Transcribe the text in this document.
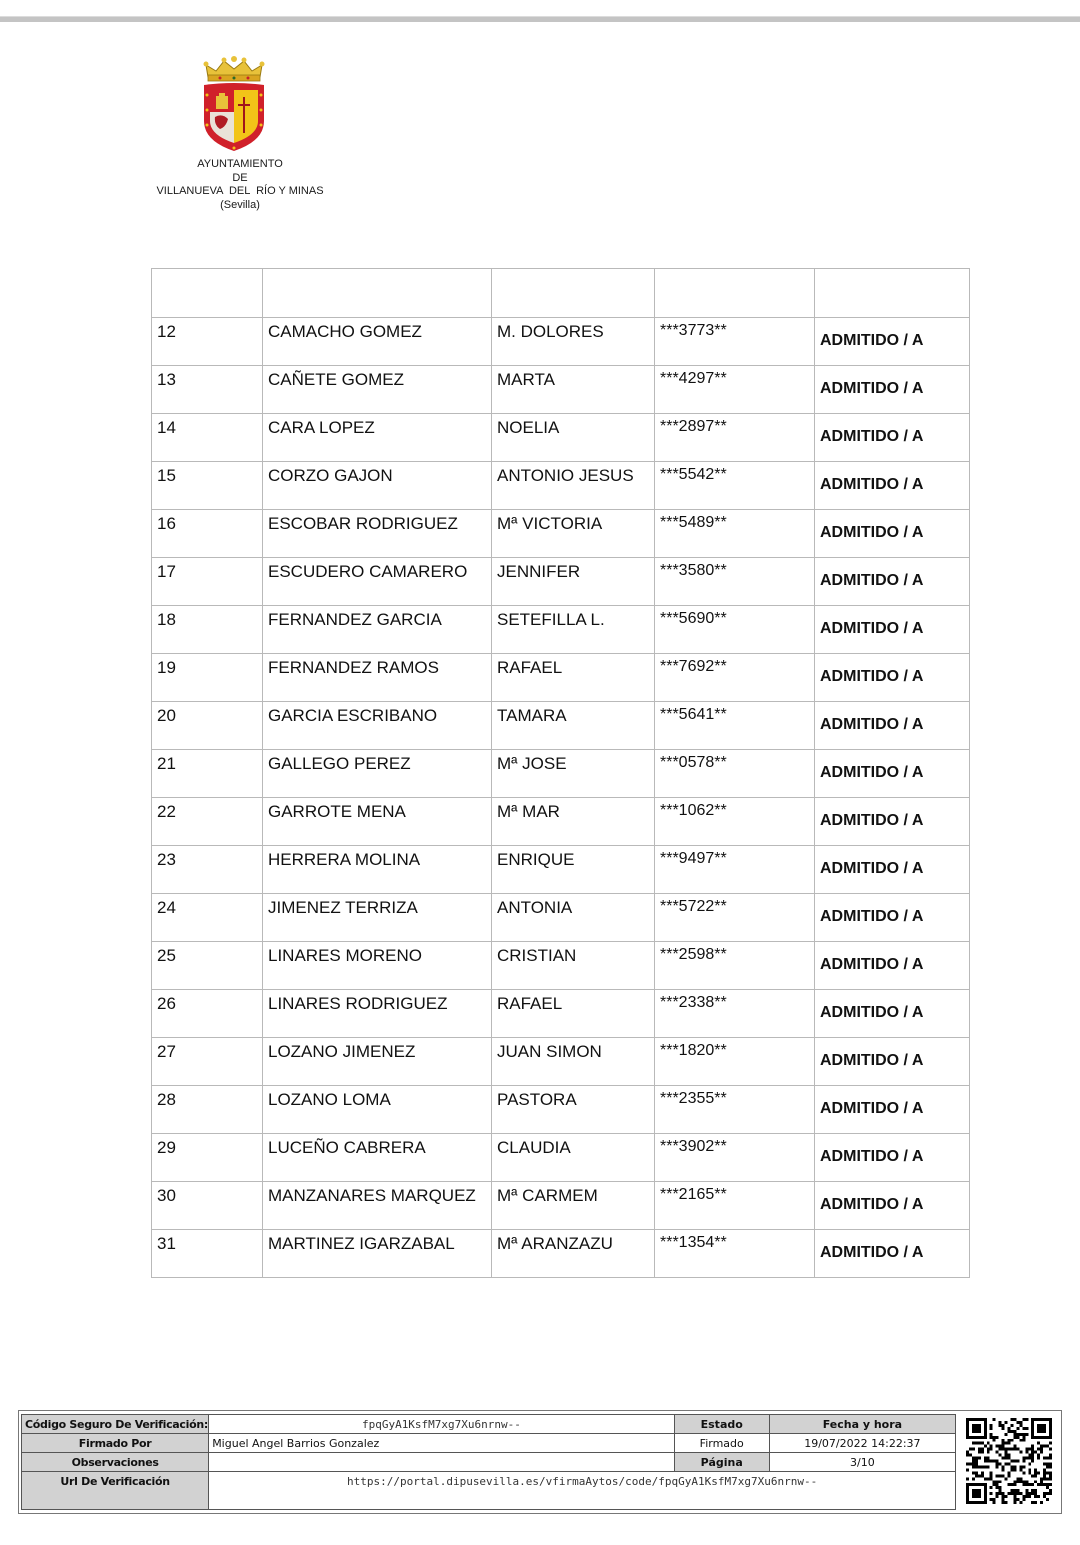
AYUNTAMIENTO
DE
VILLANUEVA  DEL  RÍO Y MINAS
(Sevilla)

12	CAMACHO GOMEZ	M. DOLORES	***3773**	ADMITIDO / A

13	CAÑETE GOMEZ	MARTA	***4297**	ADMITIDO / A

14	CARA LOPEZ	NOELIA	***2897**	ADMITIDO / A

15	CORZO GAJON	ANTONIO JESUS	***5542**	ADMITIDO / A

16	ESCOBAR RODRIGUEZ	Mª VICTORIA	***5489**	ADMITIDO / A

17	ESCUDERO CAMARERO	JENNIFER	***3580**	ADMITIDO / A

18	FERNANDEZ GARCIA	SETEFILLA L.	***5690**	ADMITIDO / A

19	FERNANDEZ RAMOS	RAFAEL	***7692**	ADMITIDO / A

20	GARCIA ESCRIBANO	TAMARA	***5641**	ADMITIDO / A

21	GALLEGO PEREZ	Mª JOSE	***0578**	ADMITIDO / A

22	GARROTE MENA	Mª MAR	***1062**	ADMITIDO / A

23	HERRERA MOLINA	ENRIQUE	***9497**	ADMITIDO / A

24	JIMENEZ TERRIZA	ANTONIA	***5722**	ADMITIDO / A

25	LINARES MORENO	CRISTIAN	***2598**	ADMITIDO / A

26	LINARES RODRIGUEZ	RAFAEL	***2338**	ADMITIDO / A

27	LOZANO JIMENEZ	JUAN SIMON	***1820**	ADMITIDO / A

28	LOZANO LOMA	PASTORA	***2355**	ADMITIDO / A

29	LUCEÑO CABRERA	CLAUDIA	***3902**	ADMITIDO / A

30	MANZANARES MARQUEZ	Mª CARMEM	***2165**	ADMITIDO / A

31	MARTINEZ IGARZABAL	Mª ARANZAZU	***1354**	ADMITIDO / A
Código Seguro De Verificación:	fpqGyA1KsfM7xg7Xu6nrnw--	Estado	Fecha y hora
Firmado Por	Miguel Angel Barrios Gonzalez	Firmado	19/07/2022 14:22:37
Observaciones		Página	3/10
Url De Verificación	https://portal.dipusevilla.es/vfirmaAytos/code/fpqGyA1KsfM7xg7Xu6nrnw--		
